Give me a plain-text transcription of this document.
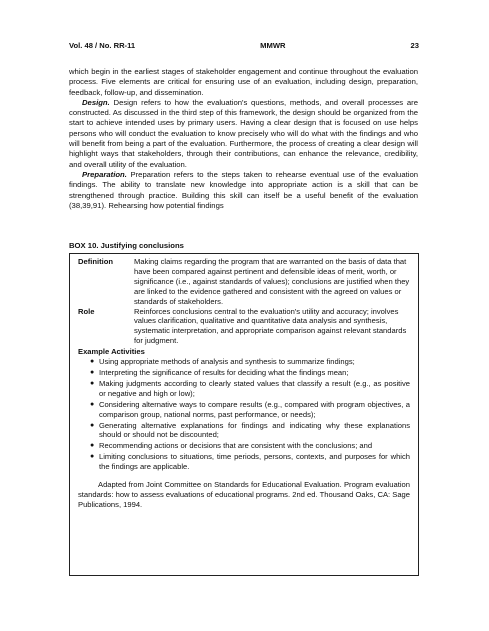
Vol. 48 / No. RR-11	MMWR	23

which begin in the earliest stages of stakeholder engagement and continue throughout the evaluation process. Five elements are critical for ensuring use of an evaluation, including design, preparation, feedback, follow-up, and dissemination.

Design. Design refers to how the evaluation's questions, methods, and overall processes are constructed. As discussed in the third step of this framework, the design should be organized from the start to achieve intended uses by primary users. Having a clear design that is focused on use helps persons who will conduct the evaluation to know precisely who will do what with the findings and who will benefit from being a part of the evaluation. Furthermore, the process of creating a clear design will highlight ways that stakeholders, through their contributions, can enhance the relevance, credibility, and overall utility of the evaluation.

Preparation. Preparation refers to the steps taken to rehearse eventual use of the evaluation findings. The ability to translate new knowledge into appropriate action is a skill that can be strengthened through practice. Building this skill can itself be a useful benefit of the evaluation (38,39,91). Rehearsing how potential findings

BOX 10. Justifying conclusions
Definition	Making claims regarding the program that are warranted on the basis of data that have been compared against pertinent and defensible ideas of merit, worth, or significance (i.e., against standards of values); conclusions are justified when they are linked to the evidence gathered and consistent with the agreed on values or standards of stakeholders.
Role	Reinforces conclusions central to the evaluation's utility and accuracy; involves values clarification, qualitative and quantitative data analysis and synthesis, systematic interpretation, and appropriate comparison against relevant standards for judgment.
Example Activities
● Using appropriate methods of analysis and synthesis to summarize findings;
● Interpreting the significance of results for deciding what the findings mean;
● Making judgments according to clearly stated values that classify a result (e.g., as positive or negative and high or low);
● Considering alternative ways to compare results (e.g., compared with program objectives, a comparison group, national norms, past performance, or needs);
● Generating alternative explanations for findings and indicating why these explanations should or should not be discounted;
● Recommending actions or decisions that are consistent with the conclusions; and
● Limiting conclusions to situations, time periods, persons, contexts, and purposes for which the findings are applicable.
Adapted from Joint Committee on Standards for Educational Evaluation. Program evaluation standards: how to assess evaluations of educational programs. 2nd ed. Thousand Oaks, CA: Sage Publications, 1994.
